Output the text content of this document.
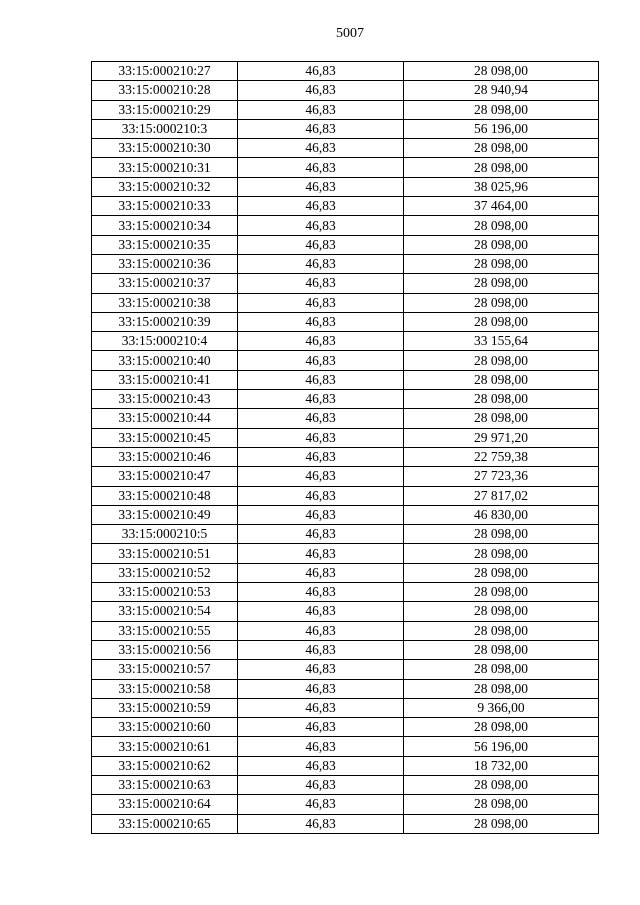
5007
33:15:000210:27	46,83	28 098,00
33:15:000210:28	46,83	28 940,94
33:15:000210:29	46,83	28 098,00
33:15:000210:3	46,83	56 196,00
33:15:000210:30	46,83	28 098,00
33:15:000210:31	46,83	28 098,00
33:15:000210:32	46,83	38 025,96
33:15:000210:33	46,83	37 464,00
33:15:000210:34	46,83	28 098,00
33:15:000210:35	46,83	28 098,00
33:15:000210:36	46,83	28 098,00
33:15:000210:37	46,83	28 098,00
33:15:000210:38	46,83	28 098,00
33:15:000210:39	46,83	28 098,00
33:15:000210:4	46,83	33 155,64
33:15:000210:40	46,83	28 098,00
33:15:000210:41	46,83	28 098,00
33:15:000210:43	46,83	28 098,00
33:15:000210:44	46,83	28 098,00
33:15:000210:45	46,83	29 971,20
33:15:000210:46	46,83	22 759,38
33:15:000210:47	46,83	27 723,36
33:15:000210:48	46,83	27 817,02
33:15:000210:49	46,83	46 830,00
33:15:000210:5	46,83	28 098,00
33:15:000210:51	46,83	28 098,00
33:15:000210:52	46,83	28 098,00
33:15:000210:53	46,83	28 098,00
33:15:000210:54	46,83	28 098,00
33:15:000210:55	46,83	28 098,00
33:15:000210:56	46,83	28 098,00
33:15:000210:57	46,83	28 098,00
33:15:000210:58	46,83	28 098,00
33:15:000210:59	46,83	9 366,00
33:15:000210:60	46,83	28 098,00
33:15:000210:61	46,83	56 196,00
33:15:000210:62	46,83	18 732,00
33:15:000210:63	46,83	28 098,00
33:15:000210:64	46,83	28 098,00
33:15:000210:65	46,83	28 098,00
